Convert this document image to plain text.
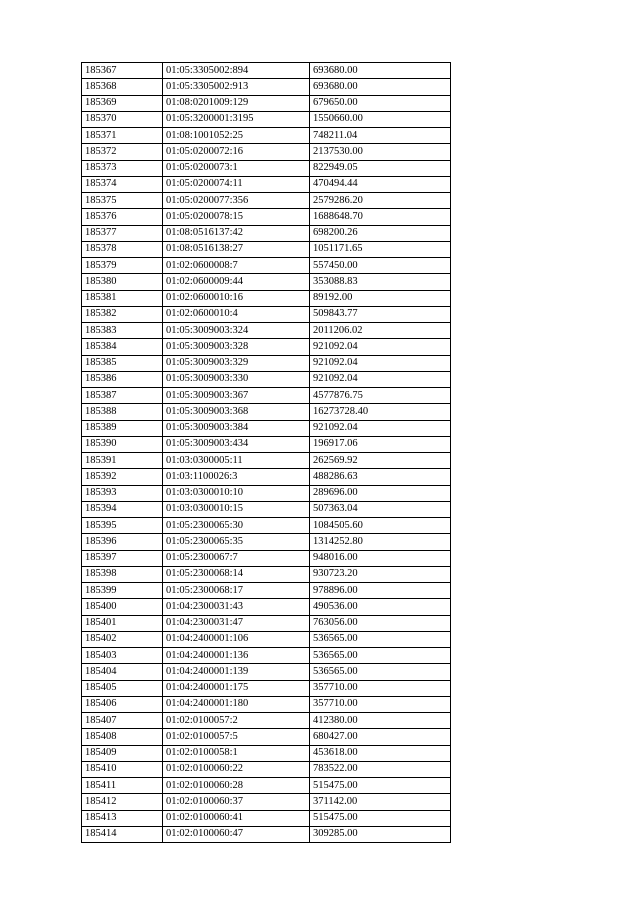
185367	01:05:3305002:894	693680.00
185368	01:05:3305002:913	693680.00
185369	01:08:0201009:129	679650.00
185370	01:05:3200001:3195	1550660.00
185371	01:08:1001052:25	748211.04
185372	01:05:0200072:16	2137530.00
185373	01:05:0200073:1	822949.05
185374	01:05:0200074:11	470494.44
185375	01:05:0200077:356	2579286.20
185376	01:05:0200078:15	1688648.70
185377	01:08:0516137:42	698200.26
185378	01:08:0516138:27	1051171.65
185379	01:02:0600008:7	557450.00
185380	01:02:0600009:44	353088.83
185381	01:02:0600010:16	89192.00
185382	01:02:0600010:4	509843.77
185383	01:05:3009003:324	2011206.02
185384	01:05:3009003:328	921092.04
185385	01:05:3009003:329	921092.04
185386	01:05:3009003:330	921092.04
185387	01:05:3009003:367	4577876.75
185388	01:05:3009003:368	16273728.40
185389	01:05:3009003:384	921092.04
185390	01:05:3009003:434	196917.06
185391	01:03:0300005:11	262569.92
185392	01:03:1100026:3	488286.63
185393	01:03:0300010:10	289696.00
185394	01:03:0300010:15	507363.04
185395	01:05:2300065:30	1084505.60
185396	01:05:2300065:35	1314252.80
185397	01:05:2300067:7	948016.00
185398	01:05:2300068:14	930723.20
185399	01:05:2300068:17	978896.00
185400	01:04:2300031:43	490536.00
185401	01:04:2300031:47	763056.00
185402	01:04:2400001:106	536565.00
185403	01:04:2400001:136	536565.00
185404	01:04:2400001:139	536565.00
185405	01:04:2400001:175	357710.00
185406	01:04:2400001:180	357710.00
185407	01:02:0100057:2	412380.00
185408	01:02:0100057:5	680427.00
185409	01:02:0100058:1	453618.00
185410	01:02:0100060:22	783522.00
185411	01:02:0100060:28	515475.00
185412	01:02:0100060:37	371142.00
185413	01:02:0100060:41	515475.00
185414	01:02:0100060:47	309285.00
